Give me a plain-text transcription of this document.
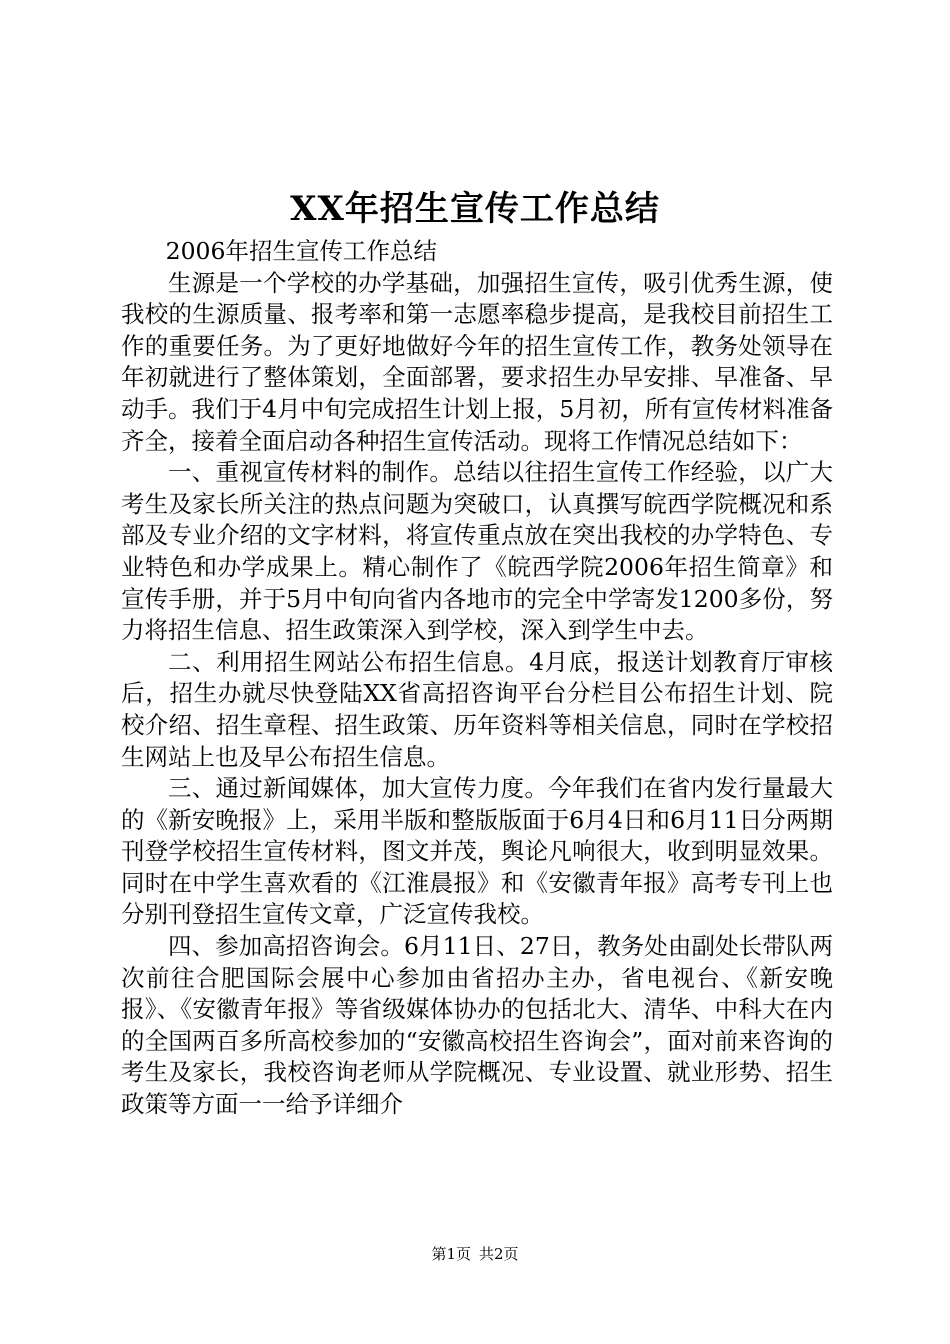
XX年招生宣传工作总结

2006年招生宣传工作总结

生源是一个学校的办学基础，加强招生宣传，吸引优秀生源，使我校的生源质量、报考率和第一志愿率稳步提高，是我校目前招生工作的重要任务。为了更好地做好今年的招生宣传工作，教务处领导在年初就进行了整体策划，全面部署，要求招生办早安排、早准备、早动手。我们于4月中旬完成招生计划上报，5月初，所有宣传材料准备齐全，接着全面启动各种招生宣传活动。现将工作情况总结如下：

一、重视宣传材料的制作。总结以往招生宣传工作经验，以广大考生及家长所关注的热点问题为突破口，认真撰写皖西学院概况和系部及专业介绍的文字材料，将宣传重点放在突出我校的办学特色、专业特色和办学成果上。精心制作了《皖西学院2006年招生简章》和宣传手册，并于5月中旬向省内各地市的完全中学寄发1200多份，努力将招生信息、招生政策深入到学校，深入到学生中去。

二、利用招生网站公布招生信息。4月底，报送计划教育厅审核后，招生办就尽快登陆XX省高招咨询平台分栏目公布招生计划、院校介绍、招生章程、招生政策、历年资料等相关信息，同时在学校招生网站上也及早公布招生信息。

三、通过新闻媒体，加大宣传力度。今年我们在省内发行量最大的《新安晚报》上，采用半版和整版版面于6月4日和6月11日分两期刊登学校招生宣传材料，图文并茂，舆论凡响很大，收到明显效果。同时在中学生喜欢看的《江淮晨报》和《安徽青年报》高考专刊上也分别刊登招生宣传文章，广泛宣传我校。

四、参加高招咨询会。6月11日、27日，教务处由副处长带队两次前往合肥国际会展中心参加由省招办主办，省电视台、《新安晚报》、《安徽青年报》等省级媒体协办的包括北大、清华、中科大在内的全国两百多所高校参加的“安徽高校招生咨询会”，面对前来咨询的考生及家长，我校咨询老师从学院概况、专业设置、就业形势、招生政策等方面一一给予详细介

第1页 共2页
